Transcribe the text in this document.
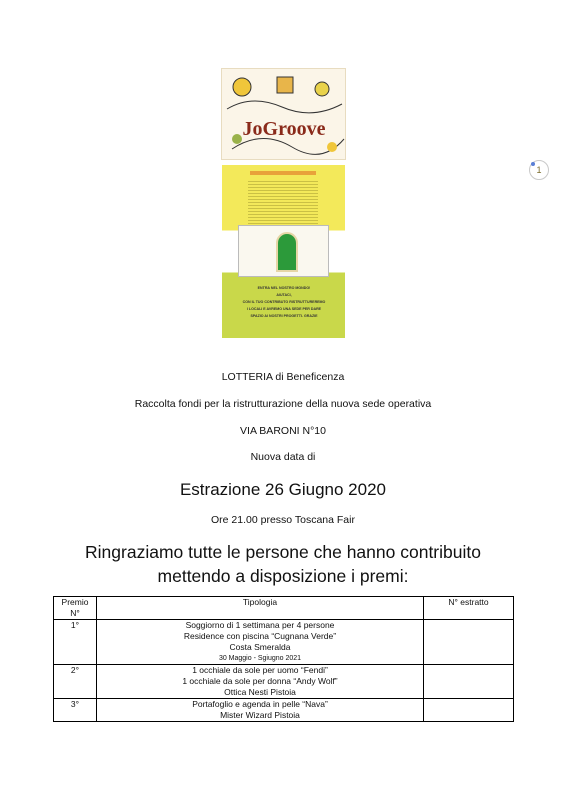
JoGroove
ENTRA NEL NOSTRO MONDO!
AIUTACI,
CON IL TUO CONTRIBUTO RISTRUTTUREREMO
I LOCALI E AVREMO UNA SEDE PER DARE
SPAZIO AI NOSTRI PROGETTI. GRAZIE
1
LOTTERIA di Beneficenza
Raccolta fondi per la ristrutturazione della nuova sede operativa
VIA BARONI N°10
Nuova data di
Estrazione 26 Giugno 2020
Ore 21.00 presso Toscana Fair
Ringraziamo tutte le persone che hanno contribuito
mettendo a disposizione i premi:
Premio
N°	Tipologia	N° estratto
1°	Soggiorno di 1 settimana per 4 persone
Residence con piscina “Cugnana Verde”
Costa Smeralda
30 Maggio - Sgiugno 2021	

2°	1 occhiale da sole per uomo “Fendi”
1 occhiale da sole per donna “Andy Wolf”
Ottica Nesti Pistoia	

3°	Portafoglio e agenda in pelle “Nava”
Mister Wizard Pistoia	
